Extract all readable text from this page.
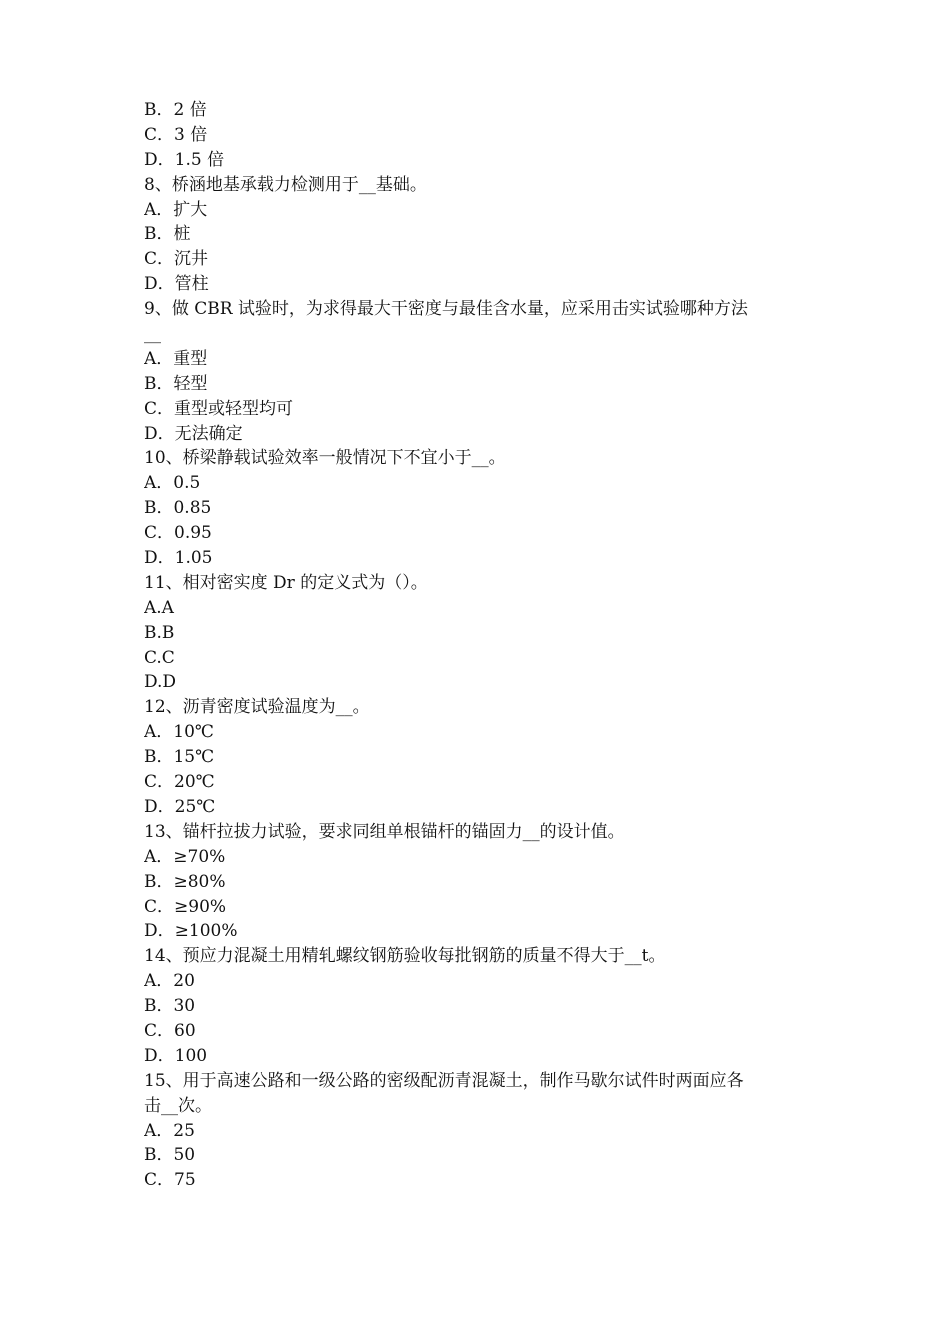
B．2 倍
C．3 倍
D．1.5 倍
8、桥涵地基承载力检测用于__基础。
A．扩大
B．桩
C．沉井
D．管柱
9、做 CBR 试验时，为求得最大干密度与最佳含水量，应采用击实试验哪种方法
__
A．重型
B．轻型
C．重型或轻型均可
D．无法确定
10、桥梁静载试验效率一般情况下不宜小于__。
A．0.5
B．0.85
C．0.95
D．1.05
11、相对密实度 Dr 的定义式为（）。
A.A
B.B
C.C
D.D
12、沥青密度试验温度为__。
A．10℃
B．15℃
C．20℃
D．25℃
13、锚杆拉拔力试验，要求同组单根锚杆的锚固力__的设计值。
A．≥70%
B．≥80%
C．≥90%
D．≥100%
14、预应力混凝土用精轧螺纹钢筋验收每批钢筋的质量不得大于__t。
A．20
B．30
C．60
D．100
15、用于高速公路和一级公路的密级配沥青混凝土，制作马歇尔试件时两面应各
击__次。
A．25
B．50
C．75
